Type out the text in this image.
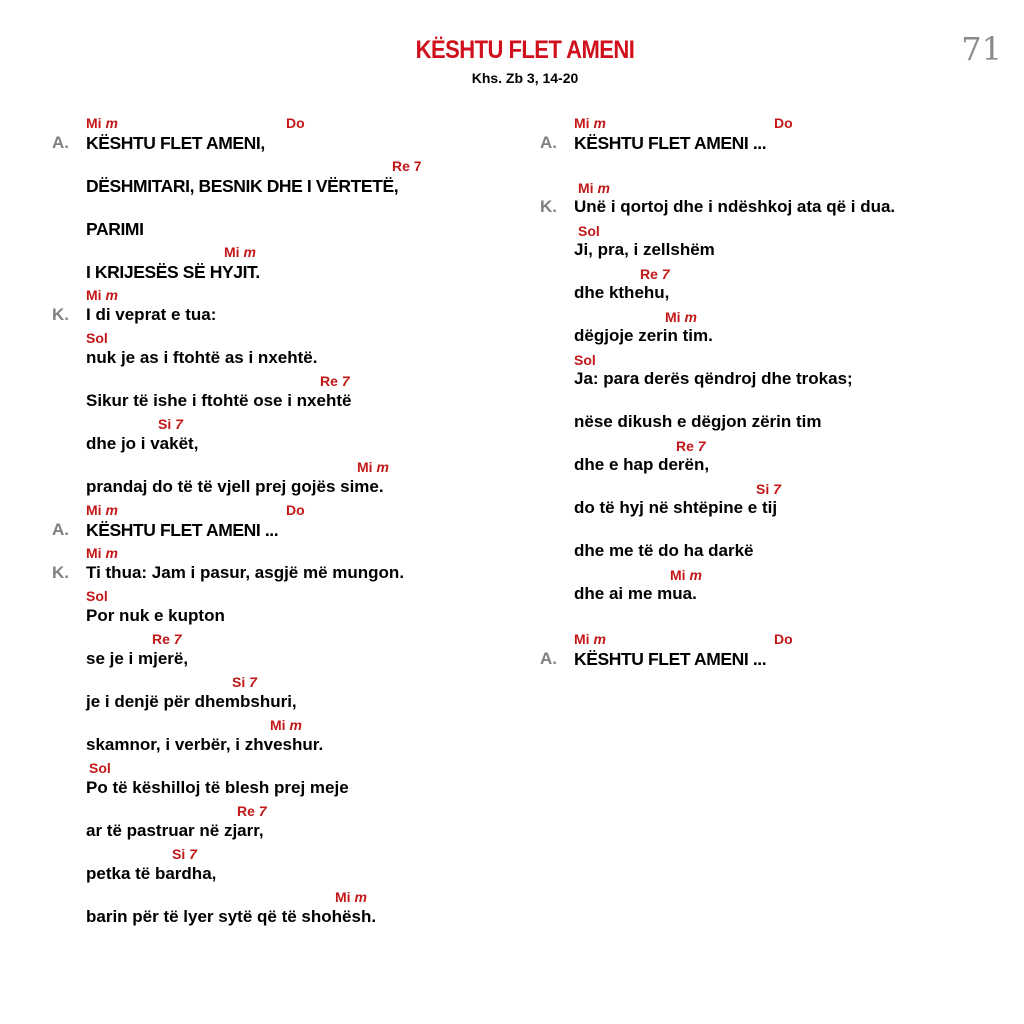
KËSHTU FLET AMENI
Khs. Zb 3, 14-20
71
Mi m	Do
A. KËSHTU FLET AMENI,
Re 7
DËSHMITARI, BESNIK DHE I VËRTETË,
PARIMI
Mi m
I KRIJESËS SË HYJIT.
Mi m
K. I di veprat e tua:
Sol
nuk je as i ftohtë as i nxehtë.
Re 7
Sikur të ishe i ftohtë ose i nxehtë
Si 7
dhe jo i vakët,
Mi m
prandaj do të të vjell prej gojës sime.
Mi m	Do
A. KËSHTU FLET AMENI ...
Mi m
K. Ti thua: Jam i pasur, asgjë më mungon.
Sol
Por nuk e kupton
Re 7
se je i mjerë,
Si 7
je i denjë për dhembshuri,
Mi m
skamnor, i verbër, i zhveshur.
Sol
Po të këshilloj të blesh prej meje
Re 7
ar të pastruar në zjarr,
Si 7
petka të bardha,
Mi m
barin për të lyer sytë që të shohësh.
Mi m	Do
A. KËSHTU FLET AMENI ...
Mi m
K. Unë i qortoj dhe i ndëshkoj ata që i dua.
Sol
Ji, pra, i zellshëm
Re 7
dhe kthehu,
Mi m
dëgjoje zerin tim.
Sol
Ja: para derës qëndroj dhe trokas;
nëse dikush e dëgjon zërin tim
Re 7
dhe e hap derën,
Si 7
do të hyj në shtëpine e tij
dhe me të do ha darkë
Mi m
dhe ai me mua.
Mi m	Do
A. KËSHTU FLET AMENI ...
